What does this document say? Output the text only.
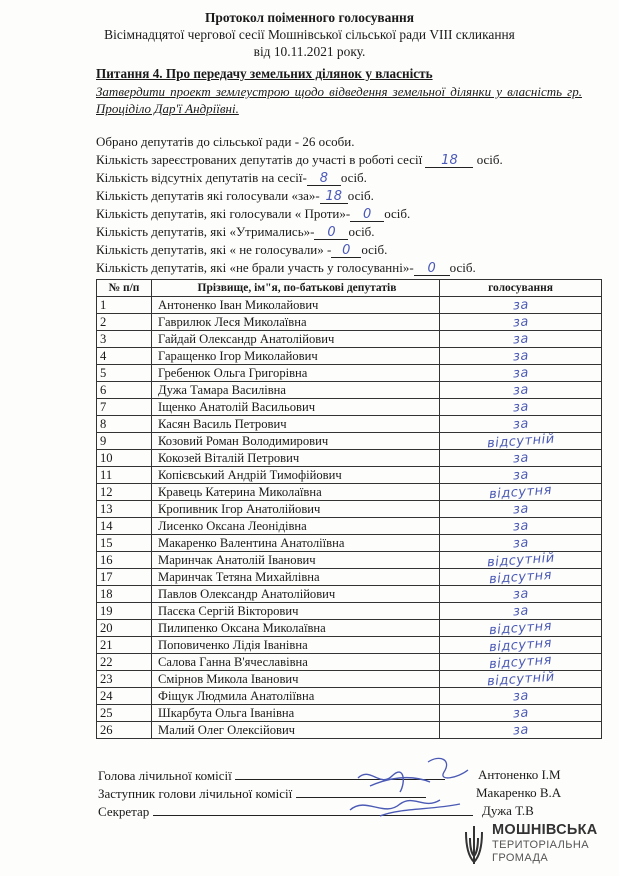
Протокол поіменного голосування
Вісімнадцятої чергової сесії Мошнівської сільської ради VIII скликання
від 10.11.2021 року.
Питання 4. Про передачу земельних ділянок у власність
Затвердити проект землеустрою щодо відведення земельної ділянки у власність гр. Проціділо Дар'ї Андріївні.
Обрано депутатів до сільської ради - 26 особи.
Кількість зареєстрованих депутатів до участі в роботі сесії 18 осіб.
Кількість відсутніх депутатів на сесії- 8 осіб.
Кількість депутатів які голосували «за»- 18 осіб.
Кількість депутатів, які голосували « Проти»- 0 осіб.
Кількість депутатів, які «Утримались»- 0 осіб.
Кількість депутатів, які « не голосували» - 0 осіб.
Кількість депутатів, які «не брали участь у голосуванні»- 0 осіб.
№ п/п	Прізвище, ім"я, по-батькові депутатів	голосування
1	Антоненко Іван Миколайович	за
2	Гаврилюк Леся Миколаївна	за
3	Гайдай Олександр Анатолійович	за
4	Гаращенко Ігор Миколайович	за
5	Гребенюк Ольга Григорівна	за
6	Дужа Тамара Василівна	за
7	Іщенко Анатолій Васильович	за
8	Касян Василь Петрович	за
9	Козовий Роман Володимирович	відсутній
10	Кокозей Віталій Петрович	за
11	Копієвський Андрій Тимофійович	за
12	Кравець Катерина Миколаївна	відсутня
13	Кропивник Ігор Анатолійович	за
14	Лисенко Оксана Леонідівна	за
15	Макаренко Валентина Анатоліївна	за
16	Маринчак Анатолій Іванович	відсутній
17	Маринчак Тетяна Михайлівна	відсутня
18	Павлов Олександр Анатолійович	за
19	Пасєка Сергій Вікторович	за
20	Пилипенко Оксана Миколаївна	відсутня
21	Поповиченко Лідія Іванівна	відсутня
22	Салова Ганна В'ячеславівна	відсутня
23	Смірнов Микола Іванович	відсутній
24	Фіщук Людмила Анатоліївна	за
25	Шкарбута Ольга Іванівна	за
26	Малий Олег Олексійович	за
Голова лічильної комісії	Антоненко І.М
Заступник голови лічильної комісії	Макаренко В.А
Секретар	Дужа Т.В
МОШНІВСЬКА
ТЕРИТОРІАЛЬНА
ГРОМАДА
